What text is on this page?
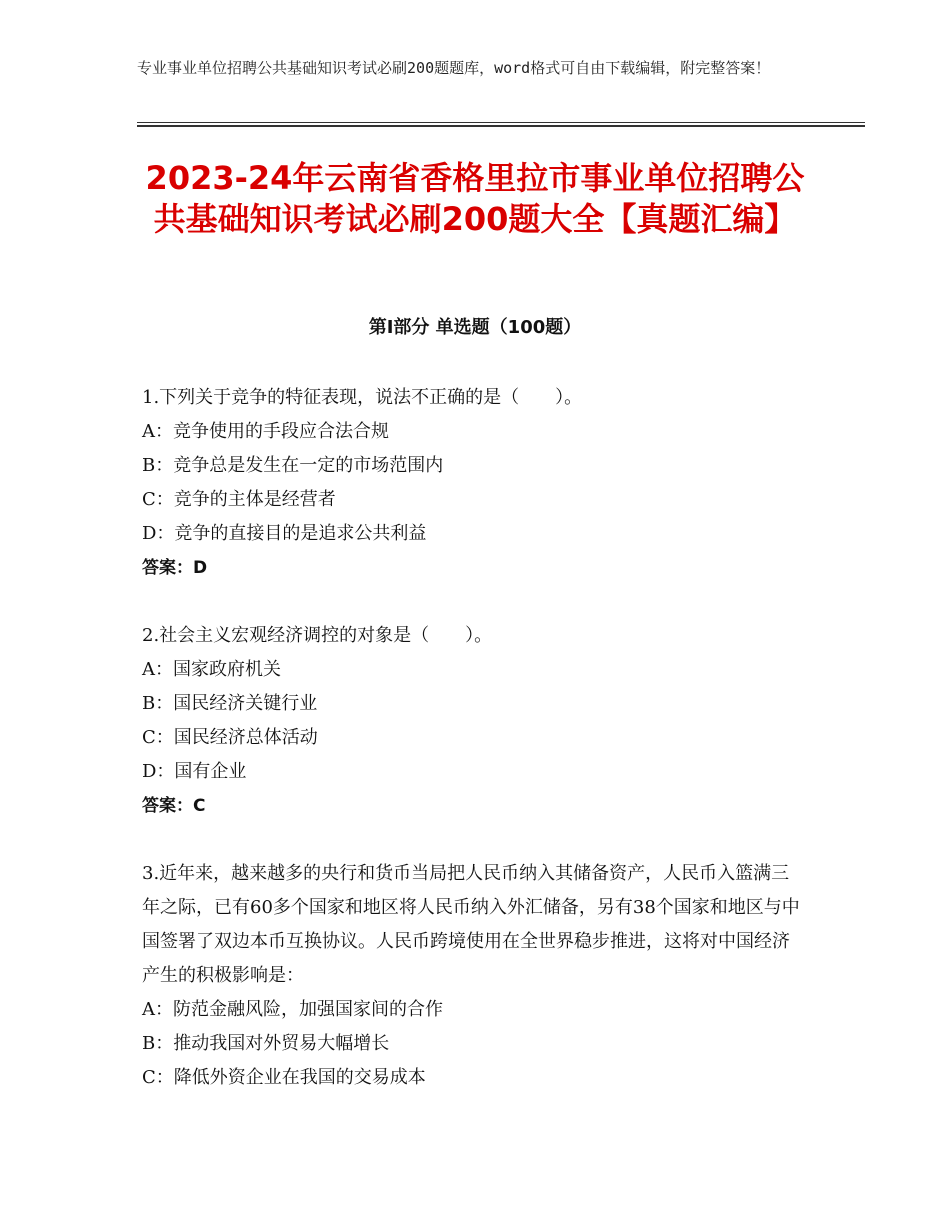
专业事业单位招聘公共基础知识考试必刷200题题库，word格式可自由下载编辑，附完整答案！
2023-24年云南省香格里拉市事业单位招聘公共基础知识考试必刷200题大全【真题汇编】
第Ⅰ部分 单选题（100题）
1.下列关于竞争的特征表现，说法不正确的是（　　）。
A：竞争使用的手段应合法合规
B：竞争总是发生在一定的市场范围内
C：竞争的主体是经营者
D：竞争的直接目的是追求公共利益
答案：D
2.社会主义宏观经济调控的对象是（　　）。
A：国家政府机关
B：国民经济关键行业
C：国民经济总体活动
D：国有企业
答案：C
3.近年来，越来越多的央行和货币当局把人民币纳入其储备资产，人民币入篮满三年之际，已有60多个国家和地区将人民币纳入外汇储备，另有38个国家和地区与中国签署了双边本币互换协议。人民币跨境使用在全世界稳步推进，这将对中国经济产生的积极影响是：
A：防范金融风险，加强国家间的合作
B：推动我国对外贸易大幅增长
C：降低外资企业在我国的交易成本
